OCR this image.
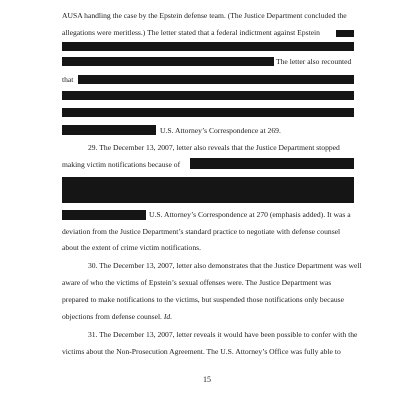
AUSA handling the case by the Epstein defense team. (The Justice Department concluded the
allegations were meritless.) The letter stated that a federal indictment against Epstein
The letter also recounted
that
U.S. Attorney’s Correspondence at 269.
29. The December 13, 2007, letter also reveals that the Justice Department stopped
making victim notifications because of
U.S. Attorney’s Correspondence at 270 (emphasis added). It was a
deviation from the Justice Department’s standard practice to negotiate with defense counsel
about the extent of crime victim notifications.
30. The December 13, 2007, letter also demonstrates that the Justice Department was well
aware of who the victims of Epstein’s sexual offenses were. The Justice Department was
prepared to make notifications to the victims, but suspended those notifications only because
objections from defense counsel. Id.
31. The December 13, 2007, letter reveals it would have been possible to confer with the
victims about the Non-Prosecution Agreement. The U.S. Attorney’s Office was fully able to
15
